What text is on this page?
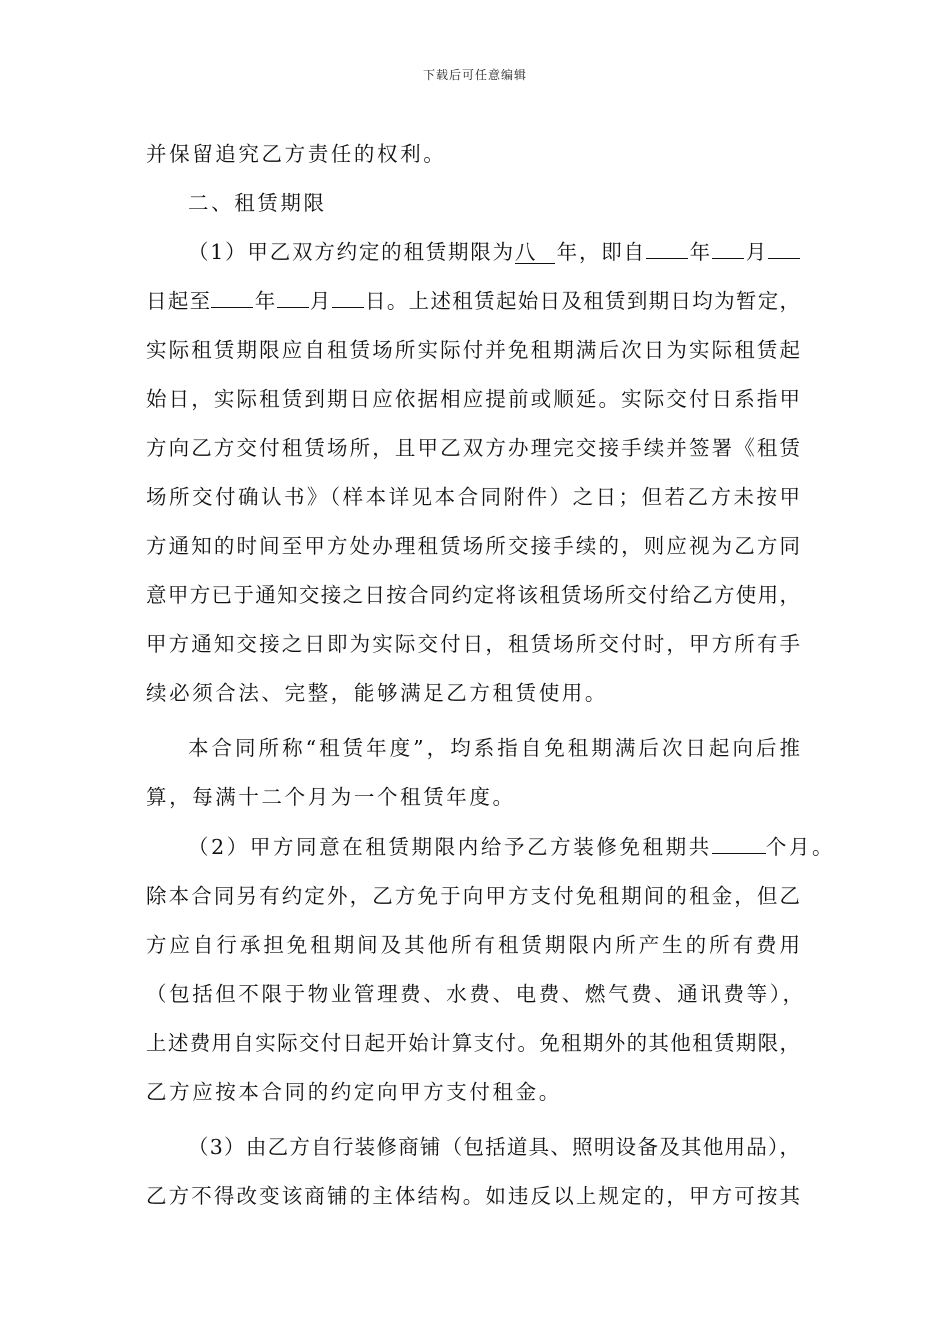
下载后可任意编辑
并保留追究乙方责任的权利。
二、租赁期限
（1）甲乙双方约定的租赁期限为八 年，即自 年 月
日起至 年 月 日。上述租赁起始日及租赁到期日均为暂定，
实际租赁期限应自租赁场所实际付并免租期满后次日为实际租赁起
始日，实际租赁到期日应依据相应提前或顺延。实际交付日系指甲
方向乙方交付租赁场所，且甲乙双方办理完交接手续并签署《租赁
场所交付确认书》（样本详见本合同附件）之日；但若乙方未按甲
方通知的时间至甲方处办理租赁场所交接手续的，则应视为乙方同
意甲方已于通知交接之日按合同约定将该租赁场所交付给乙方使用，
甲方通知交接之日即为实际交付日，租赁场所交付时，甲方所有手
续必须合法、完整，能够满足乙方租赁使用。
本合同所称“租赁年度”，均系指自免租期满后次日起向后推
算，每满十二个月为一个租赁年度。
（2）甲方同意在租赁期限内给予乙方装修免租期共	个月。
除本合同另有约定外，乙方免于向甲方支付免租期间的租金，但乙
方应自行承担免租期间及其他所有租赁期限内所产生的所有费用
（包括但不限于物业管理费、水费、电费、燃气费、通讯费等），
上述费用自实际交付日起开始计算支付。免租期外的其他租赁期限，
乙方应按本合同的约定向甲方支付租金。
（3）由乙方自行装修商铺（包括道具、照明设备及其他用品），
乙方不得改变该商铺的主体结构。如违反以上规定的，甲方可按其
